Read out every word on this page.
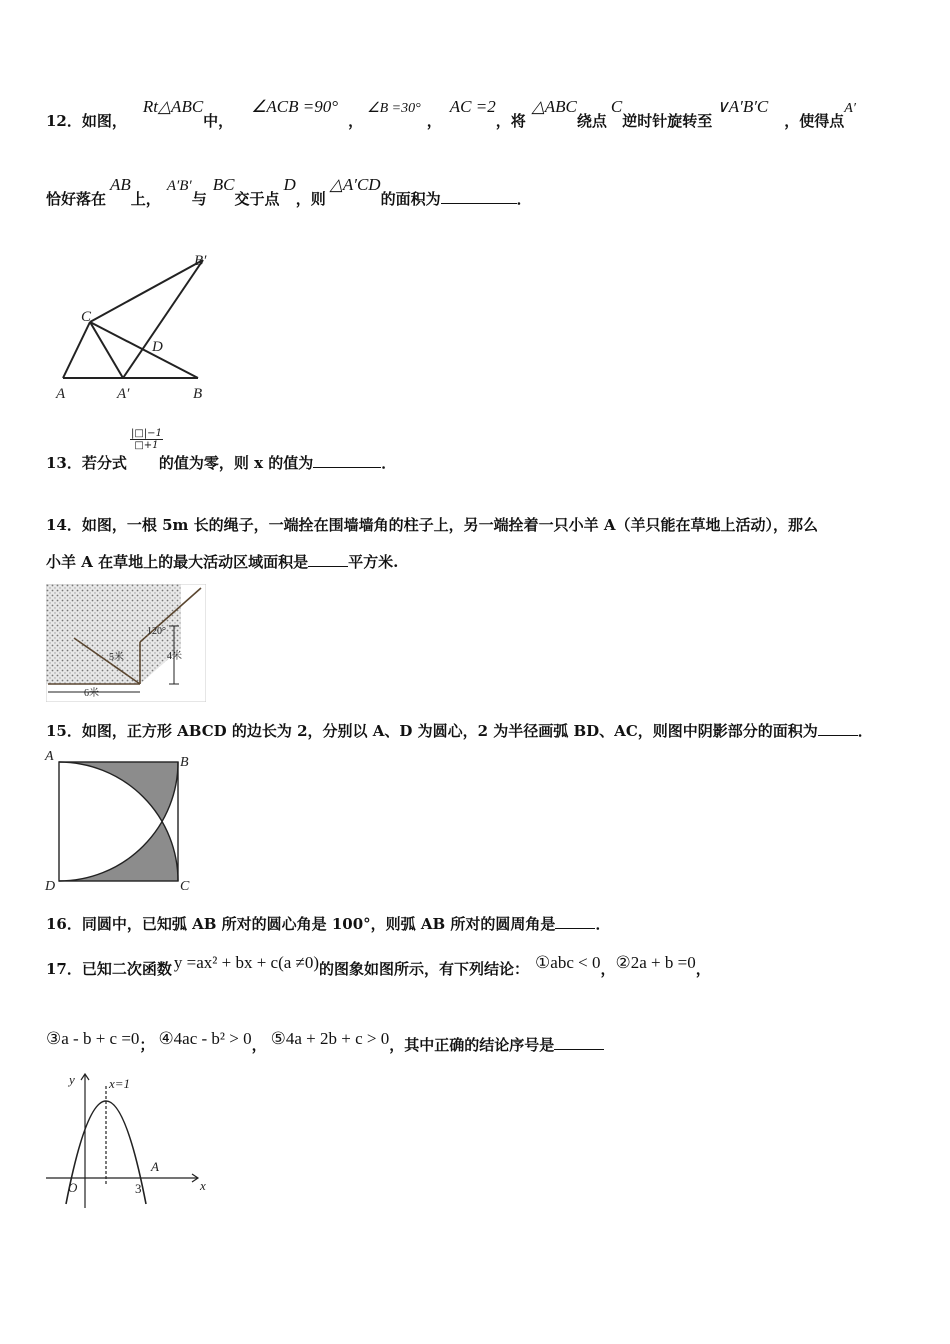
12．如图，Rt△ABC中，∠ACB =90°，∠B =30°，AC =2，将△ABC绕点C逆时针旋转至∨A′B′C，使得点A′
恰好落在AB上，A′B′与BC交于点D，则△A′CD的面积为	．
B′
C
D
A	A′	B
$\frac{|□|-1}{□+1}$
13．若分式 的值为零，则 x 的值为	．
14．如图，一根 5m 长的绳子，一端拴在围墙墙角的柱子上，另一端拴着一只小羊 A（羊只能在草地上活动），那么
小羊 A 在草地上的最大活动区域面积是	平方米.
120°
4米
5米
6米
15．如图，正方形 ABCD 的边长为 2，分别以 A、D 为圆心，2 为半径画弧 BD、AC，则图中阴影部分的面积为	．
A	B
C
D
16．同圆中，已知弧 AB 所对的圆心角是 100°，则弧 AB 所对的圆周角是	．
17．已知二次函数 y =ax² + bx + c(a ≠0)的图象如图所示，有下列结论： ①abc < 0，②2a + b =0，
③a - b + c =0； ④4ac - b² > 0， ⑤4a + 2b + c > 0，其中正确的结论序号是
y
x
x=1
O	3
A
